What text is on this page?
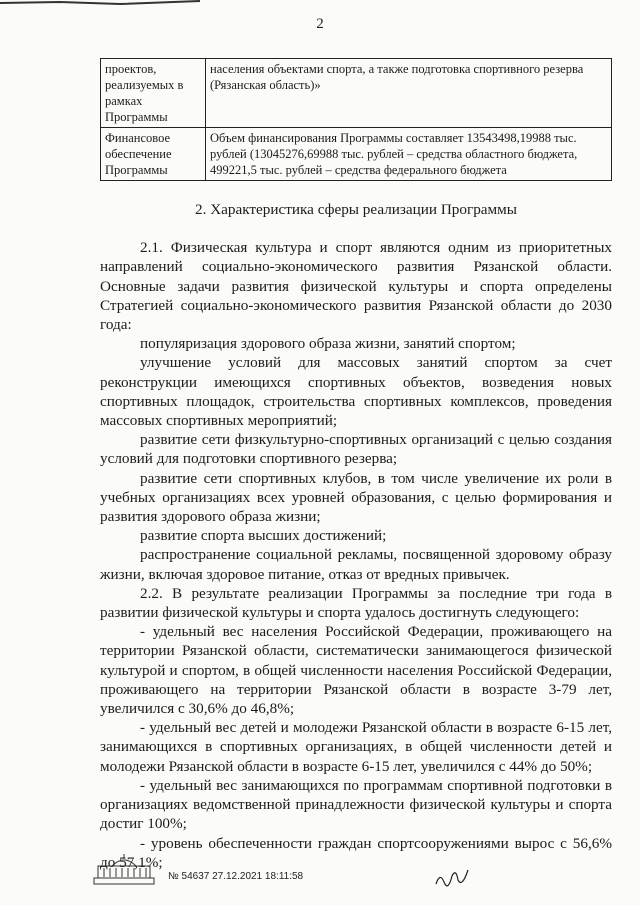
2
проектов, реализуемых в рамках Программы	населения объектами спорта, а также подготовка спортивного резерва (Рязанская область)»
Финансовое обеспечение Программы	Объем финансирования Программы составляет 13543498,19988 тыс. рублей (13045276,69988 тыс. рублей – средства областного бюджета, 499221,5 тыс. рублей – средства федерального бюджета
2. Характеристика сферы реализации Программы

2.1. Физическая культура и спорт являются одним из приоритетных направлений социально-экономического развития Рязанской области. Основные задачи развития физической культуры и спорта определены Стратегией социально-экономического развития Рязанской области до 2030 года:

популяризация здорового образа жизни, занятий спортом;

улучшение условий для массовых занятий спортом за счет реконструкции имеющихся спортивных объектов, возведения новых спортивных площадок, строительства спортивных комплексов, проведения массовых спортивных мероприятий;

развитие сети физкультурно-спортивных организаций с целью создания условий для подготовки спортивного резерва;

развитие сети спортивных клубов, в том числе увеличение их роли в учебных организациях всех уровней образования, с целью формирования и развития здорового образа жизни;

развитие спорта высших достижений;

распространение социальной рекламы, посвященной здоровому образу жизни, включая здоровое питание, отказ от вредных привычек.

2.2. В результате реализации Программы за последние три года в развитии физической культуры и спорта удалось достигнуть следующего:

- удельный вес населения Российской Федерации, проживающего на территории Рязанской области, систематически занимающегося физической культурой и спортом, в общей численности населения Российской Федерации, проживающего на территории Рязанской области в возрасте 3-79 лет, увеличился с 30,6% до 46,8%;

- удельный вес детей и молодежи Рязанской области в возрасте 6-15 лет, занимающихся в спортивных организациях, в общей численности детей и молодежи Рязанской области в возрасте 6-15 лет, увеличился с 44% до 50%;

- удельный вес занимающихся по программам спортивной подготовки в организациях ведомственной принадлежности физической культуры и спорта достиг 100%;

- уровень обеспеченности граждан спортсооружениями вырос с 56,6% до 57,1%;

№ 54637 27.12.2021 18:11:58
